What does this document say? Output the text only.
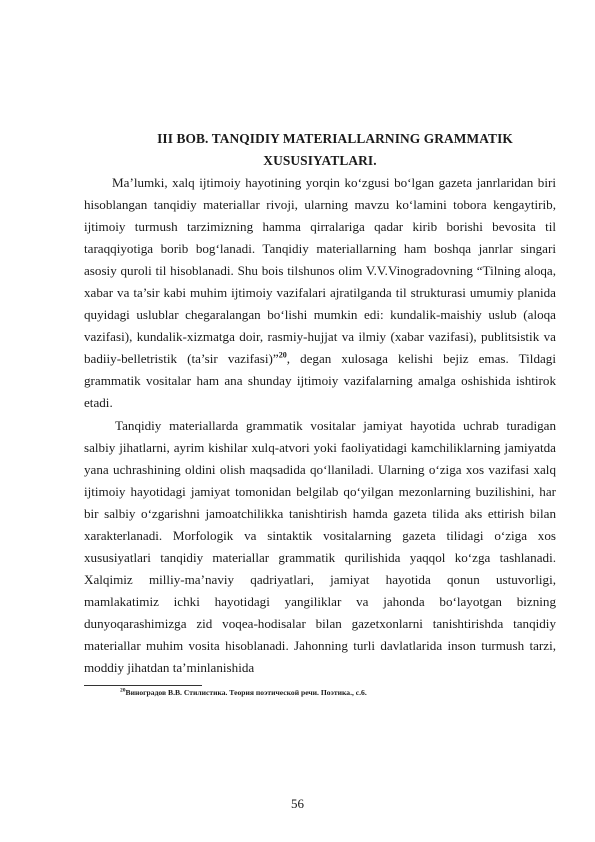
III BOB. TANQIDIY MATERIALLARNING GRAMMATIK
XUSUSIYATLARI.

Ma’lumki, xalq ijtimoiy hayotining yorqin ko‘zgusi bo‘lgan gazeta janrlaridan biri hisoblangan tanqidiy materiallar rivoji, ularning mavzu ko‘lamini tobora kengaytirib, ijtimoiy turmush tarzimizning hamma qirralariga qadar kirib borishi bevosita til taraqqiyotiga borib bog‘lanadi. Tanqidiy materiallarning ham boshqa janrlar singari asosiy quroli til hisoblanadi. Shu bois tilshunos olim V.V.Vinogradovning “Tilning aloqa, xabar va ta’sir kabi muhim ijtimoiy vazifalari ajratilganda til strukturasi umumiy planida quyidagi uslublar chegaralangan bo‘lishi mumkin edi: kundalik-maishiy uslub (aloqa vazifasi), kundalik-xizmatga doir, rasmiy-hujjat va ilmiy (xabar vazifasi), publitsistik va badiiy-belletristik (ta’sir vazifasi)”$^{20}$, degan xulosaga kelishi bejiz emas. Tildagi grammatik vositalar ham ana shunday ijtimoiy vazifalarning amalga oshishida ishtirok etadi.

Tanqidiy materiallarda grammatik vositalar jamiyat hayotida uchrab turadigan salbiy jihatlarni, ayrim kishilar xulq-atvori yoki faoliyatidagi kamchiliklarning jamiyatda yana uchrashining oldini olish maqsadida qo‘llaniladi. Ularning o‘ziga xos vazifasi xalq ijtimoiy hayotidagi jamiyat tomonidan belgilab qo‘yilgan mezonlarning buzilishini, har bir salbiy o‘zgarishni jamoatchilikka tanishtirish hamda gazeta tilida aks ettirish bilan xarakterlanadi. Morfologik va sintaktik vositalarning gazeta tilidagi o‘ziga xos xususiyatlari tanqidiy materiallar grammatik qurilishida yaqqol ko‘zga tashlanadi. Xalqimiz milliy-ma’naviy qadriyatlari, jamiyat hayotida qonun ustuvorligi, mamlakatimiz ichki hayotidagi yangiliklar va jahonda bo‘layotgan bizning dunyoqarashimizga zid voqea-hodisalar bilan gazetxonlarni tanishtirishda tanqidiy materiallar muhim vosita hisoblanadi. Jahonning turli davlatlarida inson turmush tarzi, moddiy jihatdan ta’minlanishida

$^{20}$Виноградов В.В. Стилистика. Теория поэтической речи. Поэтика., с.6.
56
